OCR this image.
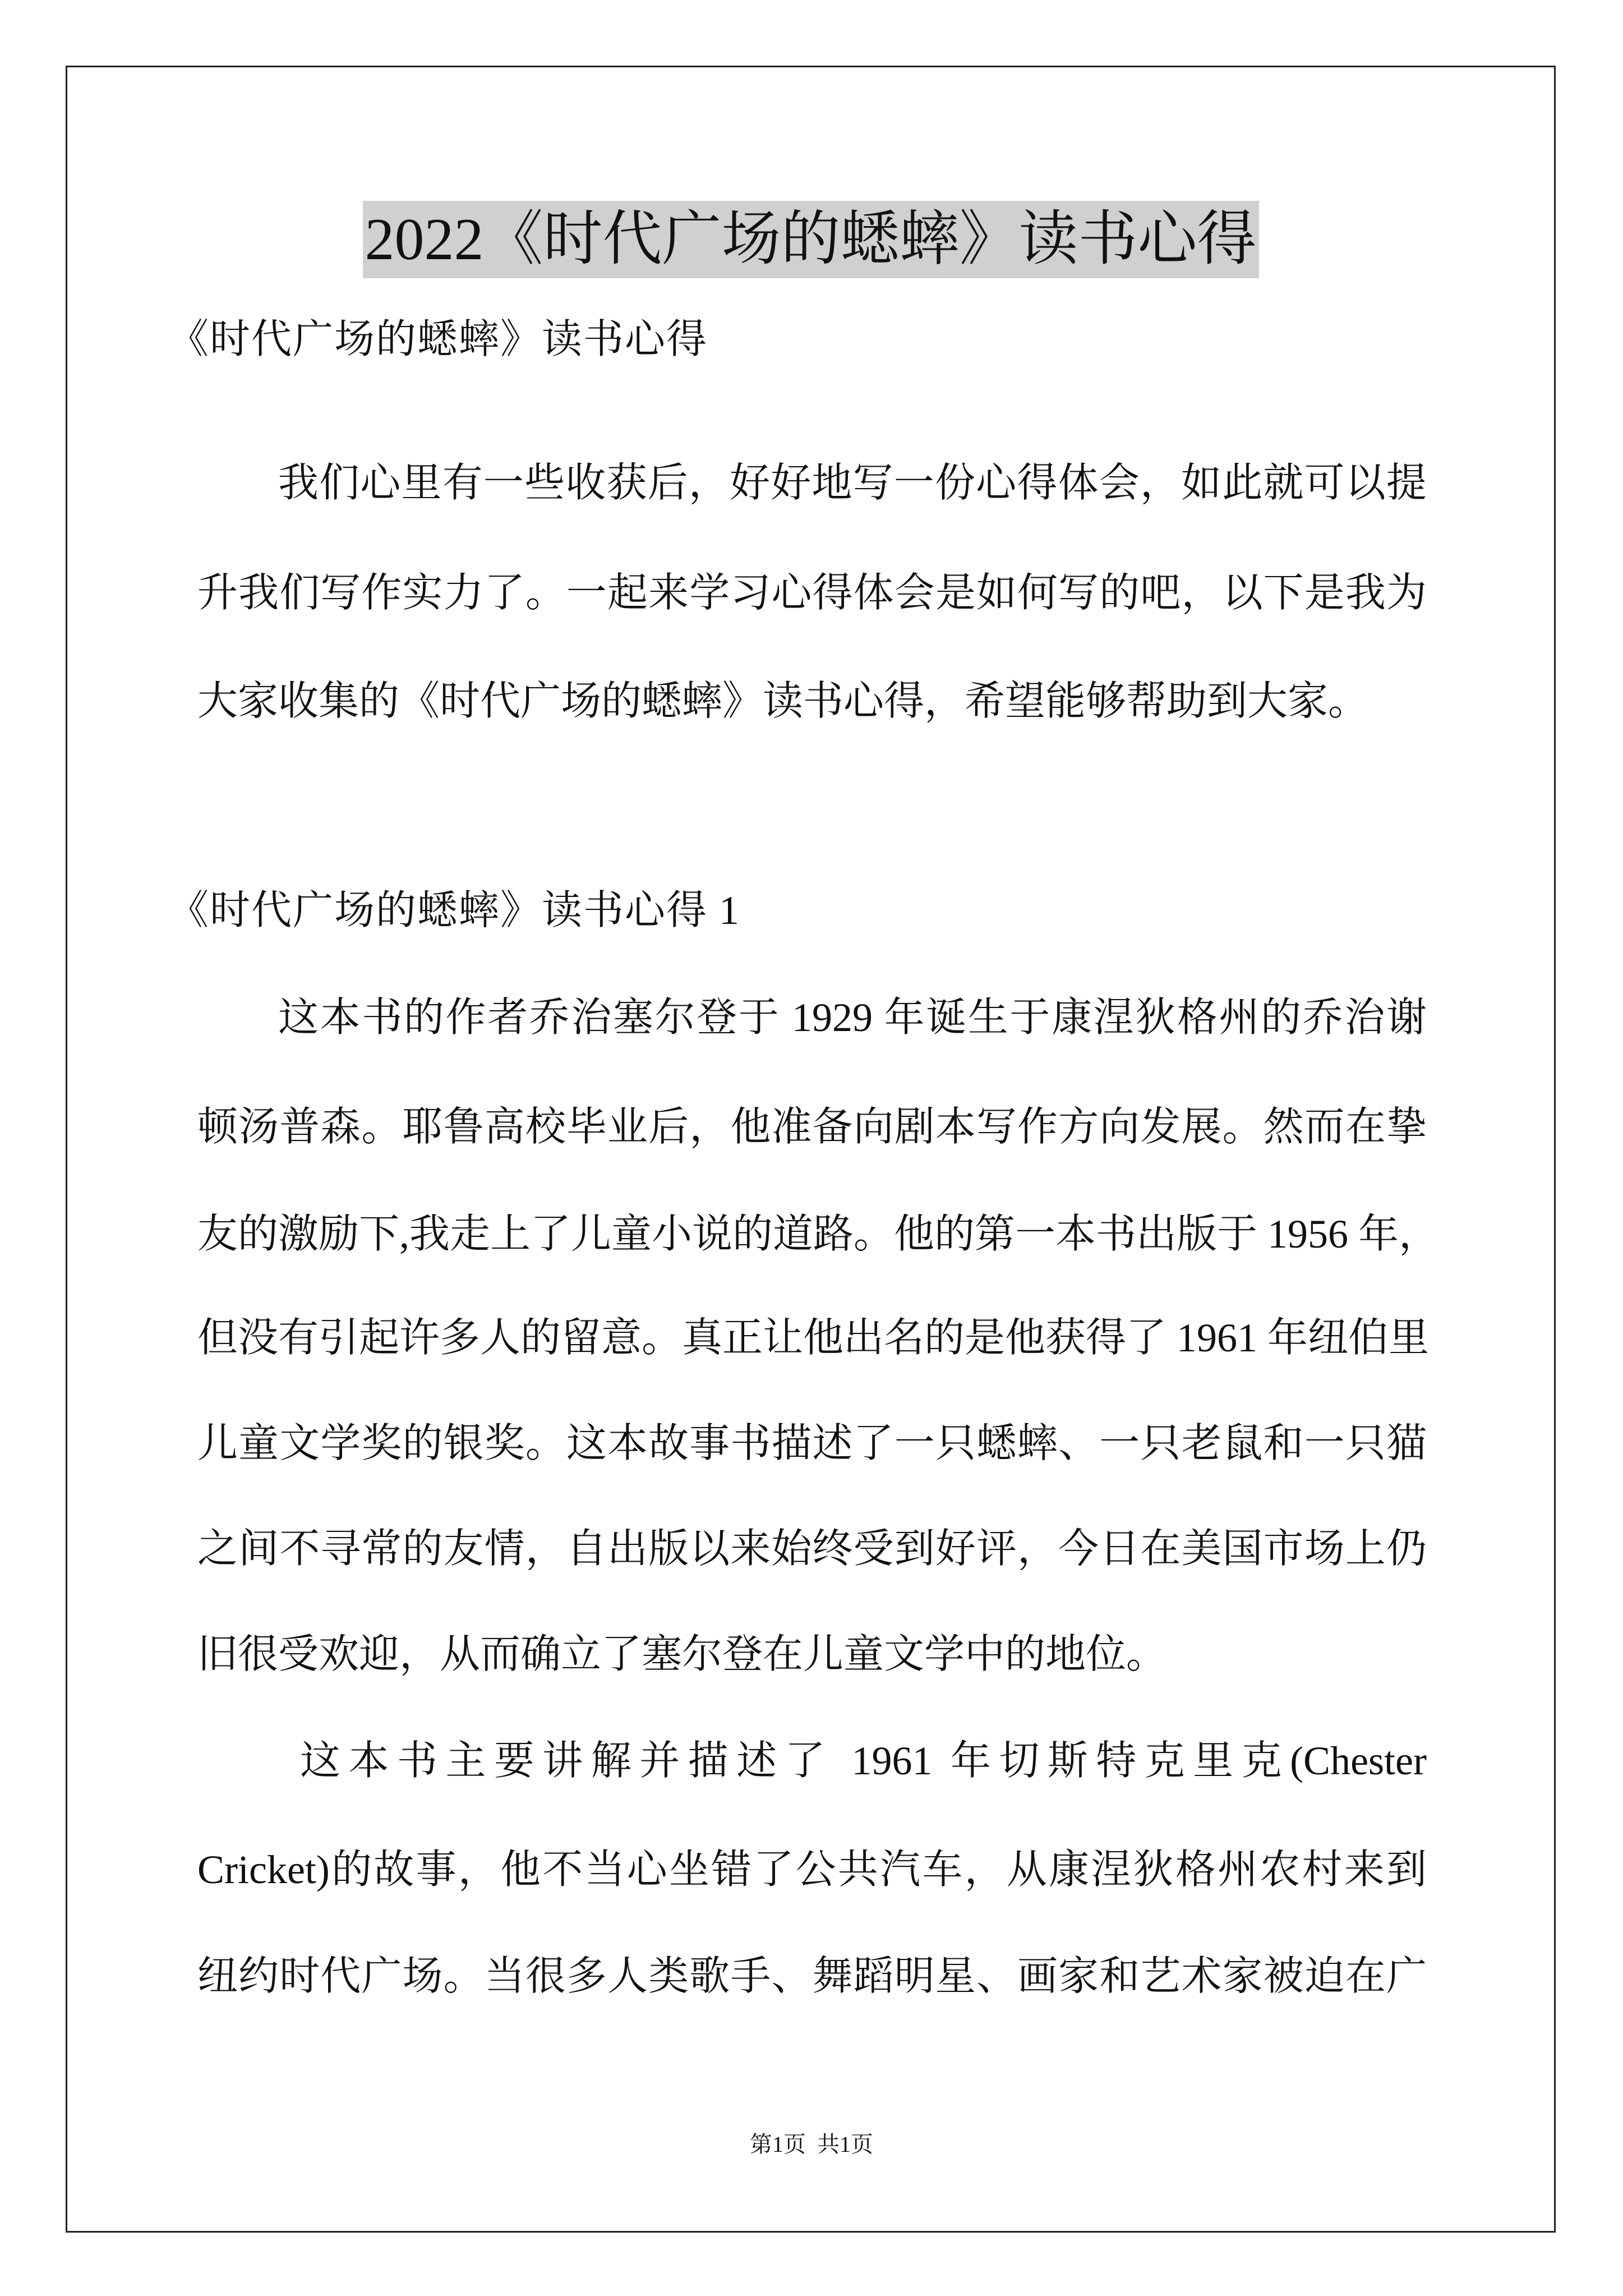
2022《时代广场的蟋蟀》读书心得
《时代广场的蟋蟀》读书心得
我们心里有一些收获后，好好地写一份心得体会，如此就可以提
升我们写作实力了。一起来学习心得体会是如何写的吧，以下是我为
大家收集的《时代广场的蟋蟀》读书心得，希望能够帮助到大家。
《时代广场的蟋蟀》读书心得 1
这本书的作者乔治塞尔登于 1929 年诞生于康涅狄格州的乔治谢
顿汤普森。耶鲁高校毕业后，他准备向剧本写作方向发展。然而在挚
友的激励下,我走上了儿童小说的道路。他的第一本书出版于 1956 年，
但没有引起许多人的留意。真正让他出名的是他获得了 1961 年纽伯里
儿童文学奖的银奖。这本故事书描述了一只蟋蟀、一只老鼠和一只猫
之间不寻常的友情，自出版以来始终受到好评，今日在美国市场上仍
旧很受欢迎，从而确立了塞尔登在儿童文学中的地位。
这本书主要讲解并描述了 1961 年切斯特克里克(Chester
Cricket)的故事，他不当心坐错了公共汽车，从康涅狄格州农村来到
纽约时代广场。当很多人类歌手、舞蹈明星、画家和艺术家被迫在广
第1页  共1页
